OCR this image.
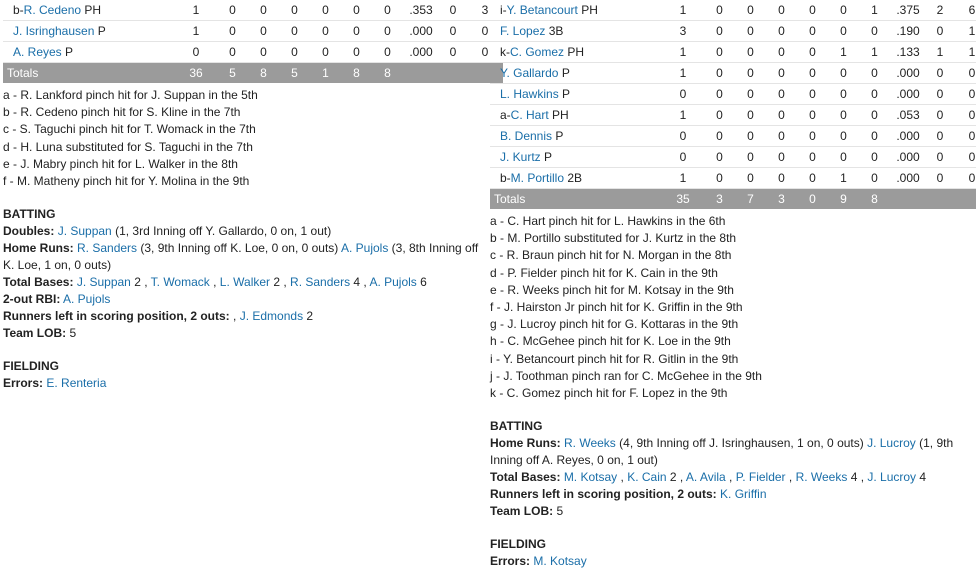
b-R. Cedeno PH	1	0	0	0	0	0	0	.353	0	3
J. Isringhausen P	1	0	0	0	0	0	0	.000	0	0
A. Reyes P	0	0	0	0	0	0	0	.000	0	0
Totals	36	5	8	5	1	8	8			
a - R. Lankford pinch hit for J. Suppan in the 5th
b - R. Cedeno pinch hit for S. Kline in the 7th
c - S. Taguchi pinch hit for T. Womack in the 7th
d - H. Luna substituted for S. Taguchi in the 7th
e - J. Mabry pinch hit for L. Walker in the 8th
f - M. Matheny pinch hit for Y. Molina in the 9th
BATTING
Doubles: J. Suppan (1, 3rd Inning off Y. Gallardo, 0 on, 1 out)
Home Runs: R. Sanders (3, 9th Inning off K. Loe, 0 on, 0 outs) A. Pujols (3, 8th Inning off K. Loe, 1 on, 0 outs)
Total Bases: J. Suppan 2 , T. Womack , L. Walker 2 , R. Sanders 4 , A. Pujols 6
2-out RBI: A. Pujols
Runners left in scoring position, 2 outs: , J. Edmonds 2
Team LOB: 5
FIELDING
Errors: E. Renteria
i-Y. Betancourt PH	1	0	0	0	0	0	1	.375	2	6
F. Lopez 3B	3	0	0	0	0	0	0	.190	0	1
k-C. Gomez PH	1	0	0	0	0	1	1	.133	1	1
Y. Gallardo P	1	0	0	0	0	0	0	.000	0	0
L. Hawkins P	0	0	0	0	0	0	0	.000	0	0
a-C. Hart PH	1	0	0	0	0	0	0	.053	0	0
B. Dennis P	0	0	0	0	0	0	0	.000	0	0
J. Kurtz P	0	0	0	0	0	0	0	.000	0	0
b-M. Portillo 2B	1	0	0	0	0	1	0	.000	0	0
Totals	35	3	7	3	0	9	8			
a - C. Hart pinch hit for L. Hawkins in the 6th
b - M. Portillo substituted for J. Kurtz in the 8th
c - R. Braun pinch hit for N. Morgan in the 8th
d - P. Fielder pinch hit for K. Cain in the 9th
e - R. Weeks pinch hit for M. Kotsay in the 9th
f - J. Hairston Jr pinch hit for K. Griffin in the 9th
g - J. Lucroy pinch hit for G. Kottaras in the 9th
h - C. McGehee pinch hit for K. Loe in the 9th
i - Y. Betancourt pinch hit for R. Gitlin in the 9th
j - J. Toothman pinch ran for C. McGehee in the 9th
k - C. Gomez pinch hit for F. Lopez in the 9th
BATTING
Home Runs: R. Weeks (4, 9th Inning off J. Isringhausen, 1 on, 0 outs) J. Lucroy (1, 9th Inning off A. Reyes, 0 on, 1 out)
Total Bases: M. Kotsay , K. Cain 2 , A. Avila , P. Fielder , R. Weeks 4 , J. Lucroy 4
Runners left in scoring position, 2 outs: K. Griffin
Team LOB: 5
FIELDING
Errors: M. Kotsay
